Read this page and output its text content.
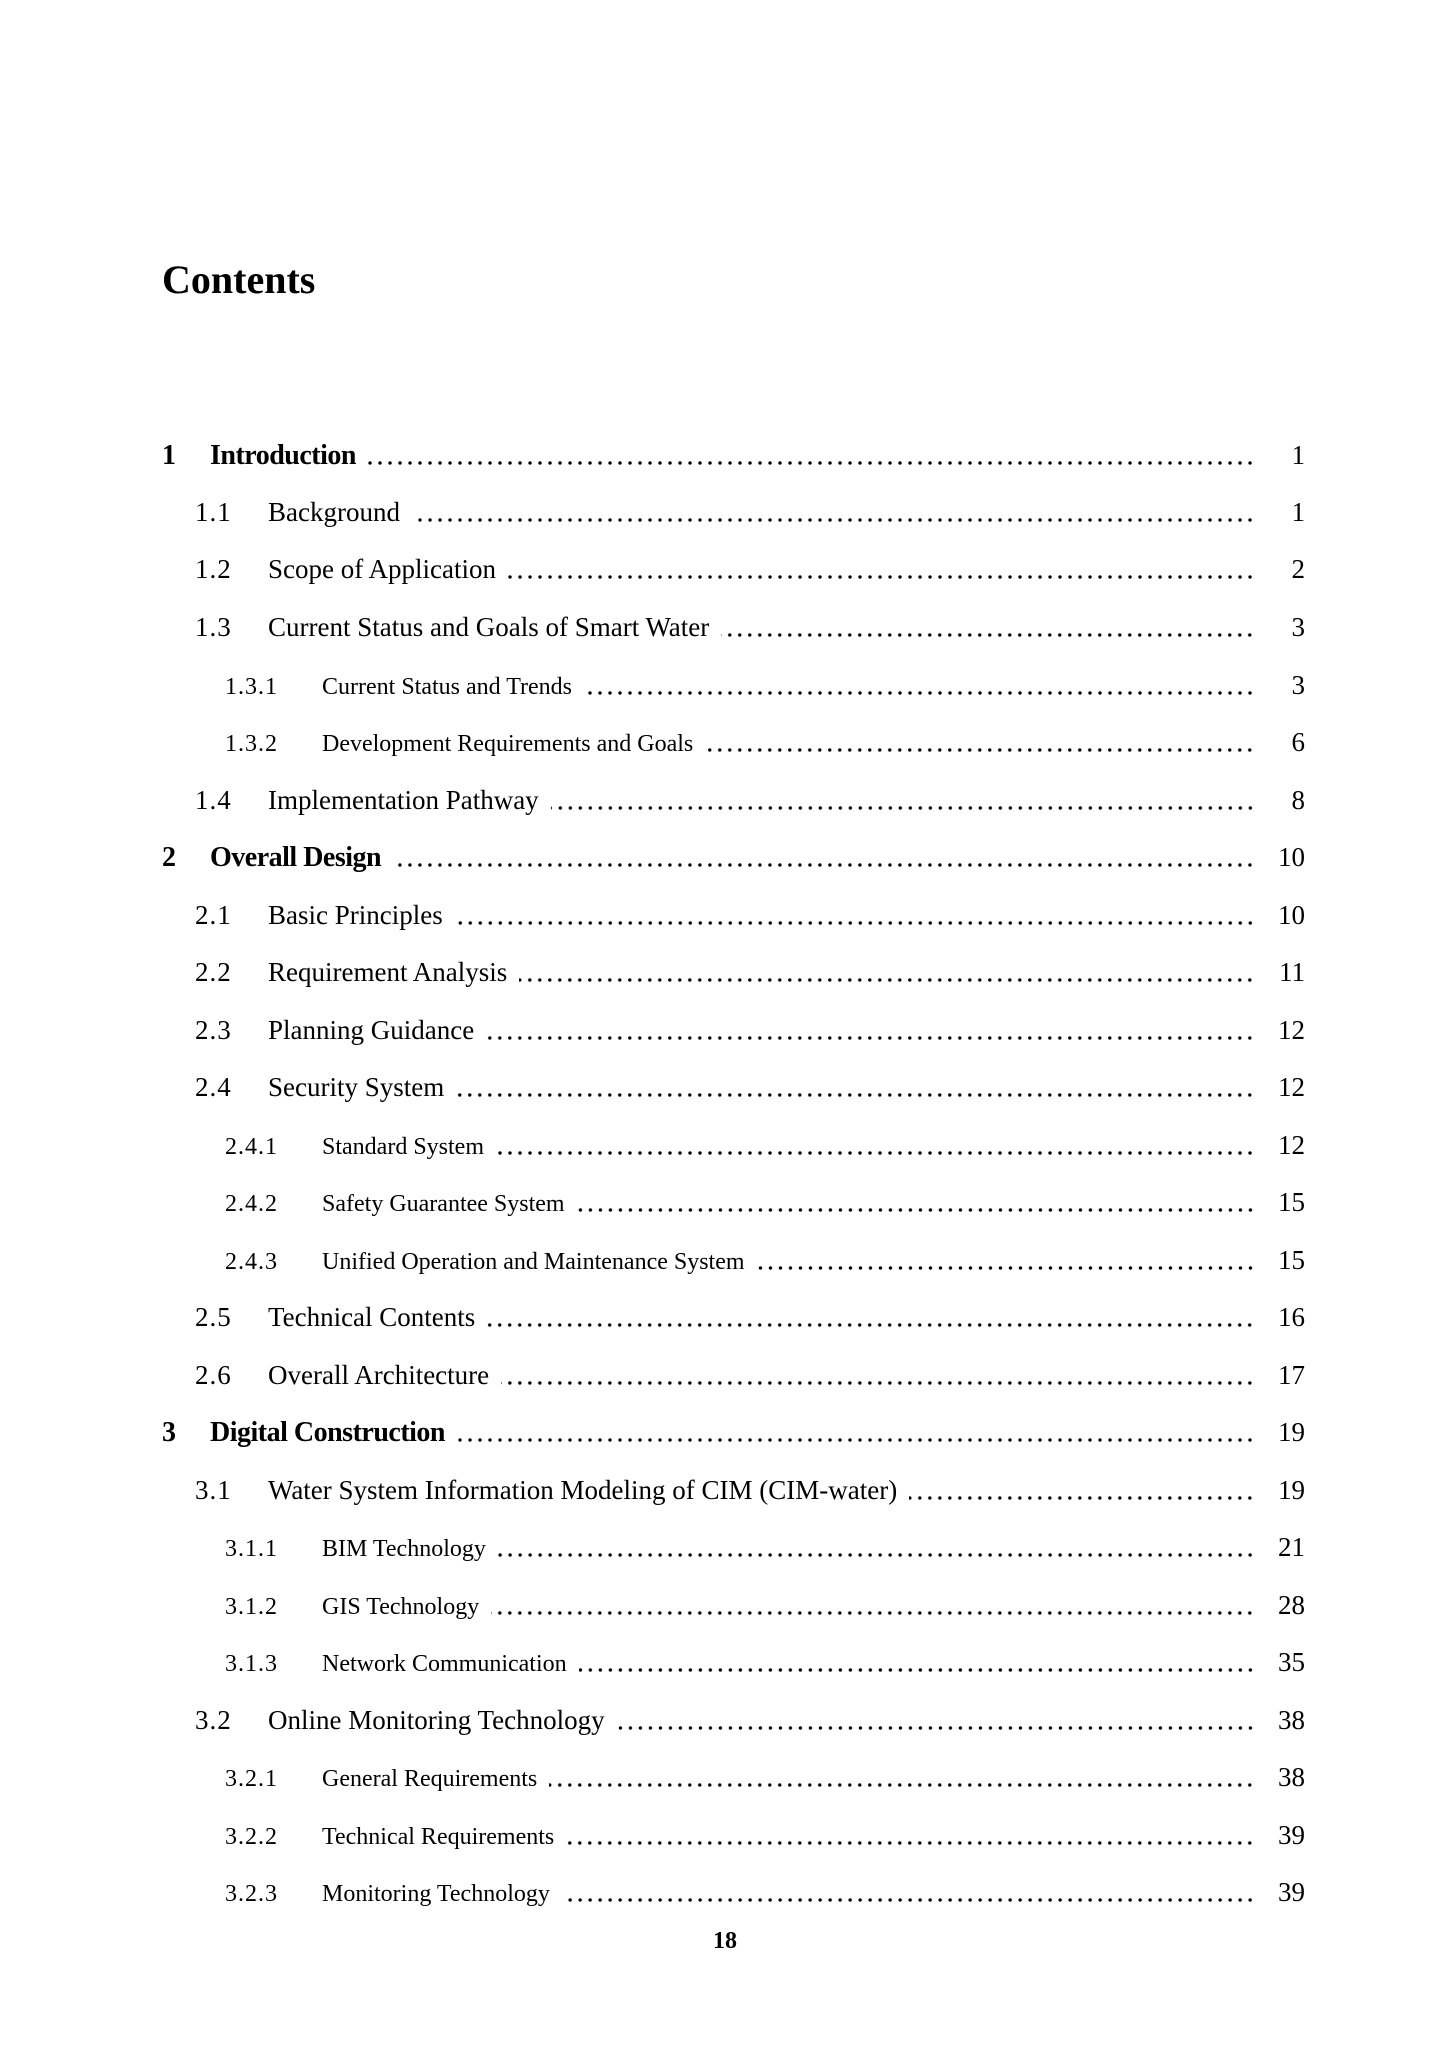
Contents
1	Introduction	1
1.1	Background	1
1.2	Scope of Application	2
1.3	Current Status and Goals of Smart Water	3
1.3.1	Current Status and Trends	3
1.3.2	Development Requirements and Goals	6
1.4	Implementation Pathway	8
2	Overall Design	10
2.1	Basic Principles	10
2.2	Requirement Analysis	11
2.3	Planning Guidance	12
2.4	Security System	12
2.4.1	Standard System	12
2.4.2	Safety Guarantee System	15
2.4.3	Unified Operation and Maintenance System	15
2.5	Technical Contents	16
2.6	Overall Architecture	17
3	Digital Construction	19
3.1	Water System Information Modeling of CIM (CIM-water)	19
3.1.1	BIM Technology	21
3.1.2	GIS Technology	28
3.1.3	Network Communication	35
3.2	Online Monitoring Technology	38
3.2.1	General Requirements	38
3.2.2	Technical Requirements	39
3.2.3	Monitoring Technology	39
18
